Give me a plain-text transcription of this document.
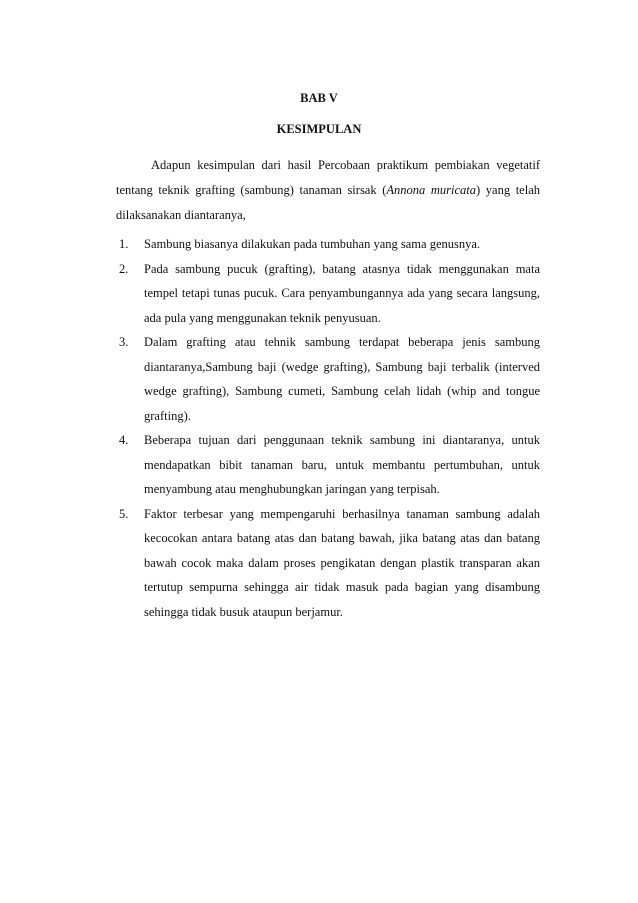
BAB V
KESIMPULAN

Adapun kesimpulan dari hasil Percobaan praktikum pembiakan vegetatif tentang teknik grafting (sambung) tanaman sirsak (Annona muricata) yang telah dilaksanakan diantaranya,

1. Sambung biasanya dilakukan pada tumbuhan yang sama genusnya.
2. Pada sambung pucuk (grafting), batang atasnya tidak menggunakan mata tempel tetapi tunas pucuk. Cara penyambungannya ada yang secara langsung, ada pula yang menggunakan teknik penyusuan.
3. Dalam grafting atau tehnik sambung terdapat beberapa jenis sambung diantaranya,Sambung baji (wedge grafting), Sambung baji terbalik (interved wedge grafting), Sambung cumeti, Sambung celah lidah (whip and tongue grafting).
4. Beberapa tujuan dari penggunaan teknik sambung ini diantaranya, untuk mendapatkan bibit tanaman baru, untuk membantu pertumbuhan, untuk menyambung atau menghubungkan jaringan yang terpisah.
5. Faktor terbesar yang mempengaruhi berhasilnya tanaman sambung adalah kecocokan antara batang atas dan batang bawah, jika batang atas dan batang bawah cocok maka dalam proses pengikatan dengan plastik transparan akan tertutup sempurna sehingga air tidak masuk pada bagian yang disambung sehingga tidak busuk ataupun berjamur.
